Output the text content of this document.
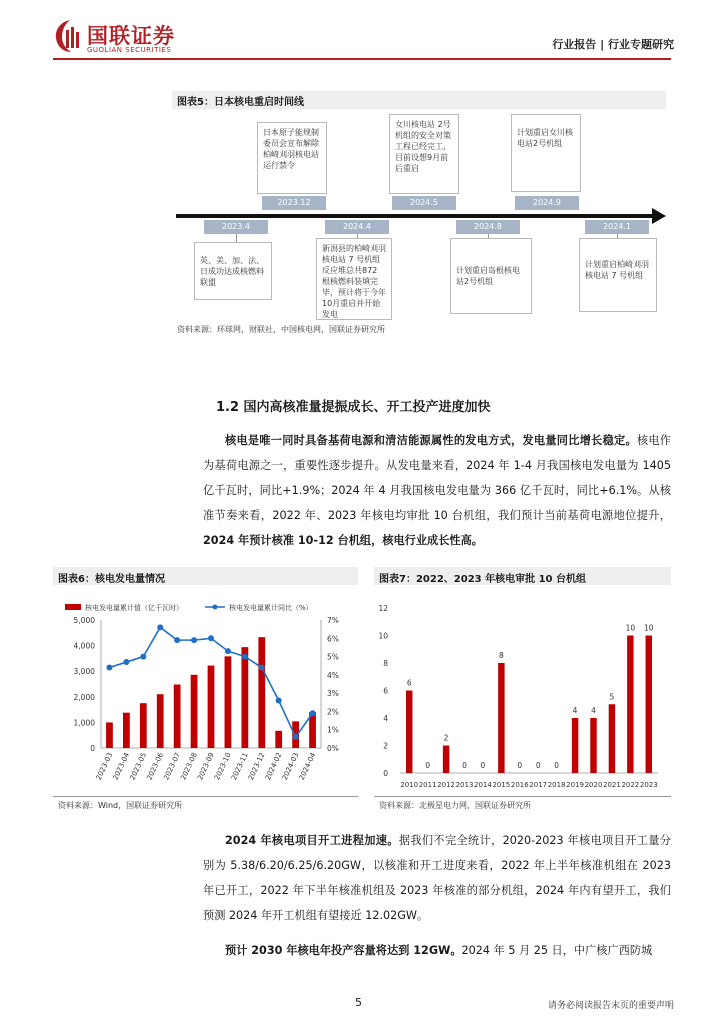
国联证券
GUOLIAN SECURITIES	行业报告 | 行业专题研究
图表5：日本核电重启时间线
2023.4
英、美、加、法、日成功达成核燃料联盟
日本原子能规制委员会宣布解除柏崎刈羽核电站运行禁令
2023.12
2024.4
新潟县的柏崎刈羽核电站 7 号机组反应堆总共872 根核燃料装填完毕，预计将于今年10月重启并开始发电
女川核电站 2号机组的安全对策工程已经完工，目前设想9月前后重启
2024.5
2024.8
计划重启岛根核电站2号机组
计划重启女川核电站2号机组
2024.9
2024.1
计划重启柏崎刈羽核电站 7 号机组
资料来源：环球网，财联社，中国核电网，国联证券研究所
1.2 国内高核准量提振成长、开工投产进度加快
核电是唯一同时具备基荷电源和清洁能源属性的发电方式，发电量同比增长稳定。核电作为基荷电源之一，重要性逐步提升。从发电量来看，2024 年 1-4 月我国核电发电量为 1405 亿千瓦时，同比+1.9%；2024 年 4 月我国核电发电量为 366 亿千瓦时，同比+6.1%。从核准节奏来看，2022 年、2023 年核电均审批 10 台机组，我们预计当前基荷电源地位提升，2024 年预计核准 10-12 台机组，核电行业成长性高。
图表6：核电发电量情况
核电发电量累计值（亿千瓦时）	核电发电量累计同比（%）
0
1,000
2,000
3,000
4,000
5,000
0%
1%
2%
3%
4%
5%
6%
7%
2023-03
2023-04
2023-05
2023-06
2023-07
2023-08
2023-09
2023-10
2023-11
2023-12
2024-02
2024-03
2024-04
资料来源：Wind，国联证券研究所
图表7：2022、2023 年核电审批 10 台机组
0
2
4
6
8
10
12
6
2010
0
2011
2
2012
0
2013
0
2014
8
2015
0
2016
0
2017
0
2018
4
2019
4
2020
5
2021
10
2022
10
2023
资料来源：北极星电力网，国联证券研究所
2024 年核电项目开工进程加速。据我们不完全统计，2020-2023 年核电项目开工量分别为 5.38/6.20/6.25/6.20GW，以核准和开工进度来看，2022 年上半年核准机组在 2023 年已开工，2022 年下半年核准机组及 2023 年核准的部分机组，2024 年内有望开工，我们预测 2024 年开工机组有望接近 12.02GW。
预计 2030 年核电年投产容量将达到 12GW。2024 年 5 月 25 日，中广核广西防城
5	请务必阅读报告末页的重要声明
